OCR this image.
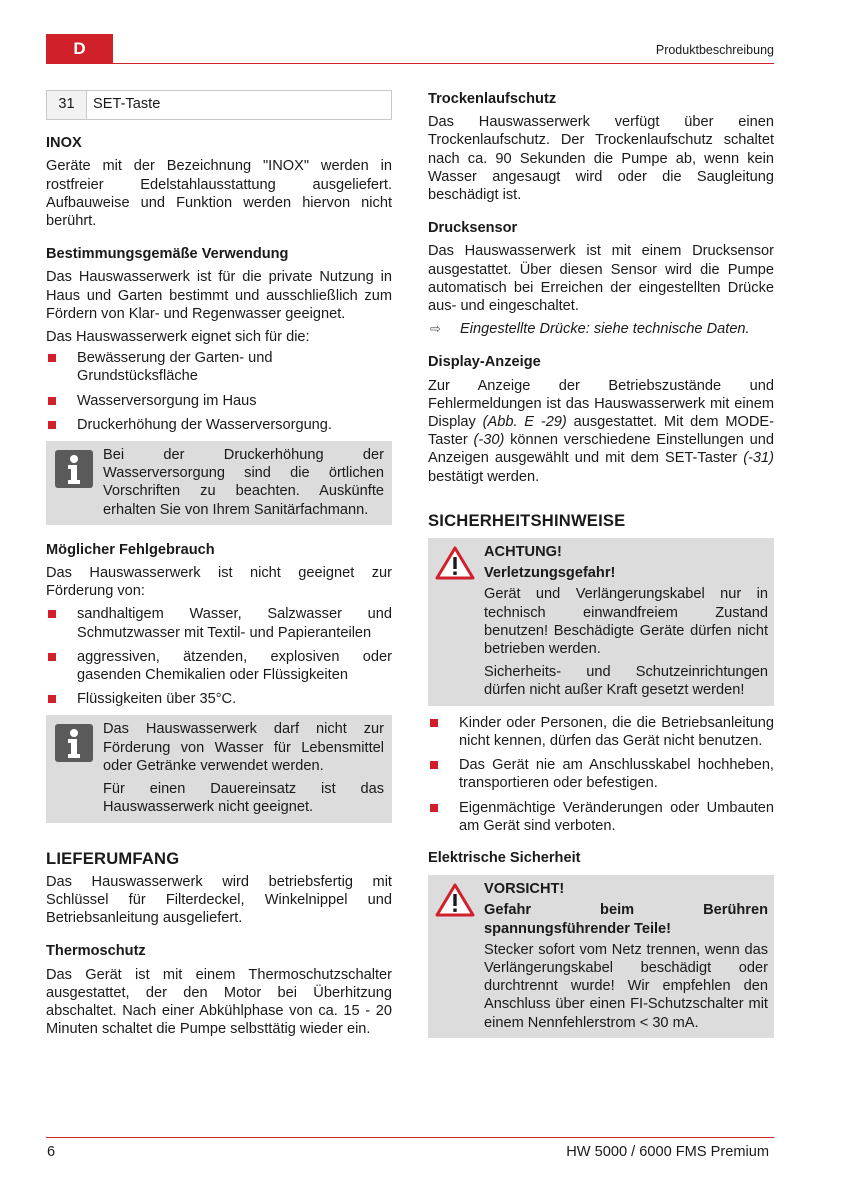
D	Produktbeschreibung
31	SET-Taste
INOX

Geräte mit der Bezeichnung "INOX" werden in rostfreier Edelstahlausstattung ausgeliefert. Aufbauweise und Funktion werden hiervon nicht berührt.

Bestimmungsgemäße Verwendung

Das Hauswasserwerk ist für die private Nutzung in Haus und Garten bestimmt und ausschließlich zum Fördern von Klar- und Regenwasser geeignet.

Das Hauswasserwerk eignet sich für die:

Bewässerung der Garten- und Grundstücksfläche
Wasserversorgung im Haus
Druckerhöhung der Wasserversorgung.

Bei der Druckerhöhung der Wasserversorgung sind die örtlichen Vorschriften zu beachten. Auskünfte erhalten Sie von Ihrem Sanitärfachmann.

Möglicher Fehlgebrauch

Das Hauswasserwerk ist nicht geeignet zur Förderung von:

sandhaltigem Wasser, Salzwasser und Schmutzwasser mit Textil- und Papieranteilen
aggressiven, ätzenden, explosiven oder gasenden Chemikalien oder Flüssigkeiten
Flüssigkeiten über 35°C.

Das Hauswasserwerk darf nicht zur Förderung von Wasser für Lebensmittel oder Getränke verwendet werden.

Für einen Dauereinsatz ist das Hauswasserwerk nicht geeignet.

LIEFERUMFANG

Das Hauswasserwerk wird betriebsfertig mit Schlüssel für Filterdeckel, Winkelnippel und Betriebsanleitung ausgeliefert.

Thermoschutz

Das Gerät ist mit einem Thermoschutzschalter ausgestattet, der den Motor bei Überhitzung abschaltet. Nach einer Abkühlphase von ca. 15 - 20 Minuten schaltet die Pumpe selbsttätig wieder ein.

Trockenlaufschutz

Das Hauswasserwerk verfügt über einen Trockenlaufschutz. Der Trockenlaufschutz schaltet nach ca. 90 Sekunden die Pumpe ab, wenn kein Wasser angesaugt wird oder die Saugleitung beschädigt ist.

Drucksensor

Das Hauswasserwerk ist mit einem Drucksensor ausgestattet. Über diesen Sensor wird die Pumpe automatisch bei Erreichen der eingestellten Drücke aus- und eingeschaltet.

⇨ Eingestellte Drücke: siehe technische Daten.
Display-Anzeige

Zur Anzeige der Betriebszustände und Fehlermeldungen ist das Hauswasserwerk mit einem Display (Abb. E -29) ausgestattet. Mit dem MODE-Taster (-30) können verschiedene Einstellungen und Anzeigen ausgewählt und mit dem SET-Taster (-31) bestätigt werden.

SICHERHEITSHINWEISE
ACHTUNG!
Verletzungsgefahr!

Gerät und Verlängerungskabel nur in technisch einwandfreiem Zustand benutzen! Beschädigte Geräte dürfen nicht betrieben werden.

Sicherheits- und Schutzeinrichtungen dürfen nicht außer Kraft gesetzt werden!

Kinder oder Personen, die die Betriebsanleitung nicht kennen, dürfen das Gerät nicht benutzen.
Das Gerät nie am Anschlusskabel hochheben, transportieren oder befestigen.
Eigenmächtige Veränderungen oder Umbauten am Gerät sind verboten.
Elektrische Sicherheit
VORSICHT!
Gefahr beim Berühren spannungsführender Teile!

Stecker sofort vom Netz trennen, wenn das Verlängerungskabel beschädigt oder durchtrennt wurde! Wir empfehlen den Anschluss über einen FI-Schutzschalter mit einem Nennfehlerstrom < 30 mA.

6	HW 5000 / 6000 FMS Premium
